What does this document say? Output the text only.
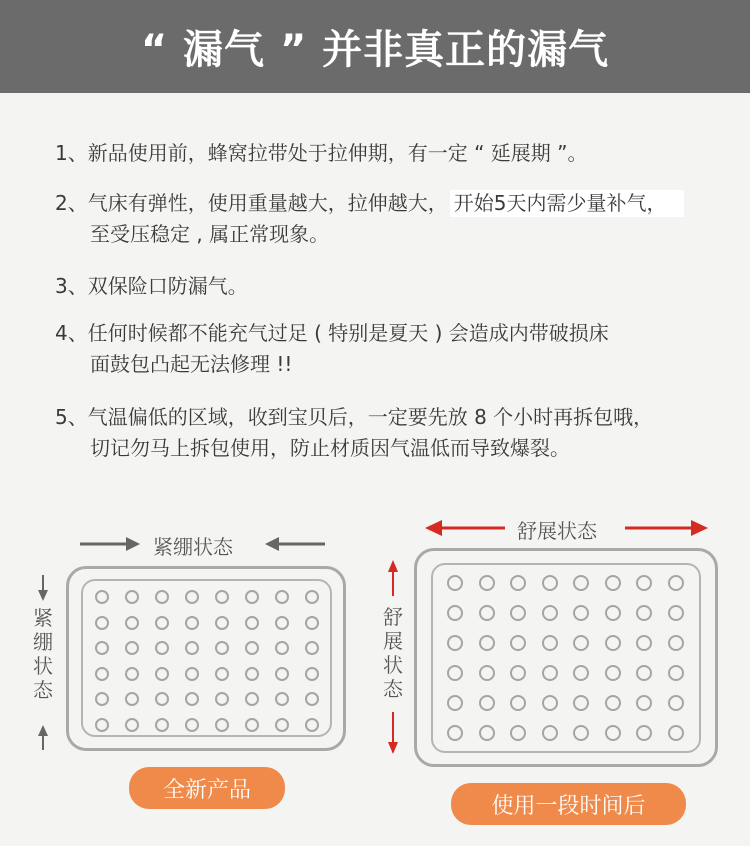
“ 漏气 ” 并非真正的漏气
1、新品使用前，蜂窝拉带处于拉伸期，有一定 “ 延展期 ”。
2、气床有弹性，使用重量越大，拉伸越大， 开始5天内需少量补气，
至受压稳定 , 属正常现象。
3、双保险口防漏气。
4、任何时候都不能充气过足 ( 特别是夏天 ) 会造成内带破损床
面鼓包凸起无法修理 !!
5、气温偏低的区域，收到宝贝后，一定要先放 8 个小时再拆包哦，
切记勿马上拆包使用，防止材质因气温低而导致爆裂。
紧绷状态
紧
绷
状
态
全新产品
舒展状态
舒
展
状
态
使用一段时间后
